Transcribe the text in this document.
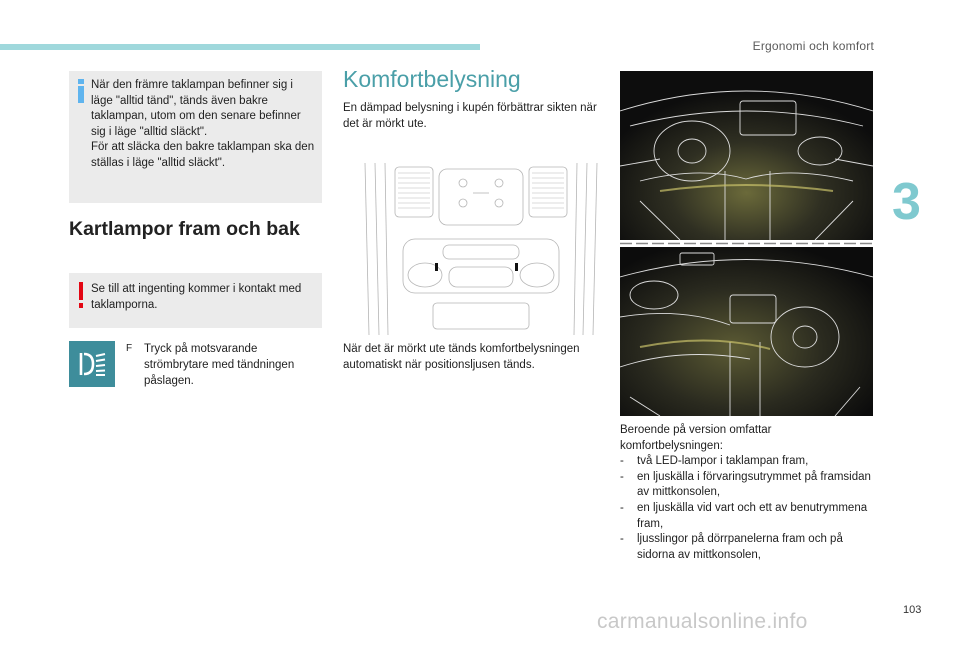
Ergonomi och komfort
3
103

När den främre taklampan befinner sig i läge "alltid tänd", tänds även bakre taklampan, utom om den senare befinner sig i läge "alltid släckt".

För att släcka den bakre taklampan ska den ställas i läge "alltid släckt".

Kartlampor fram och bak
Se till att ingenting kommer i kontakt med taklamporna.
F Tryck på motsvarande strömbrytare med tändningen påslagen.
Komfortbelysning
En dämpad belysning i kupén förbättrar sikten när det är mörkt ute.
När det är mörkt ute tänds komfortbelysningen automatiskt när positionsljusen tänds.

Beroende på version omfattar komfortbelysningen:

- två LED-lampor i taklampan fram,
- en ljuskälla i förvaringsutrymmet på framsidan av mittkonsolen,
- en ljuskälla vid vart och ett av benutrymmena fram,
- ljusslingor på dörrpanelerna fram och på sidorna av mittkonsolen,
carmanualsonline.info
